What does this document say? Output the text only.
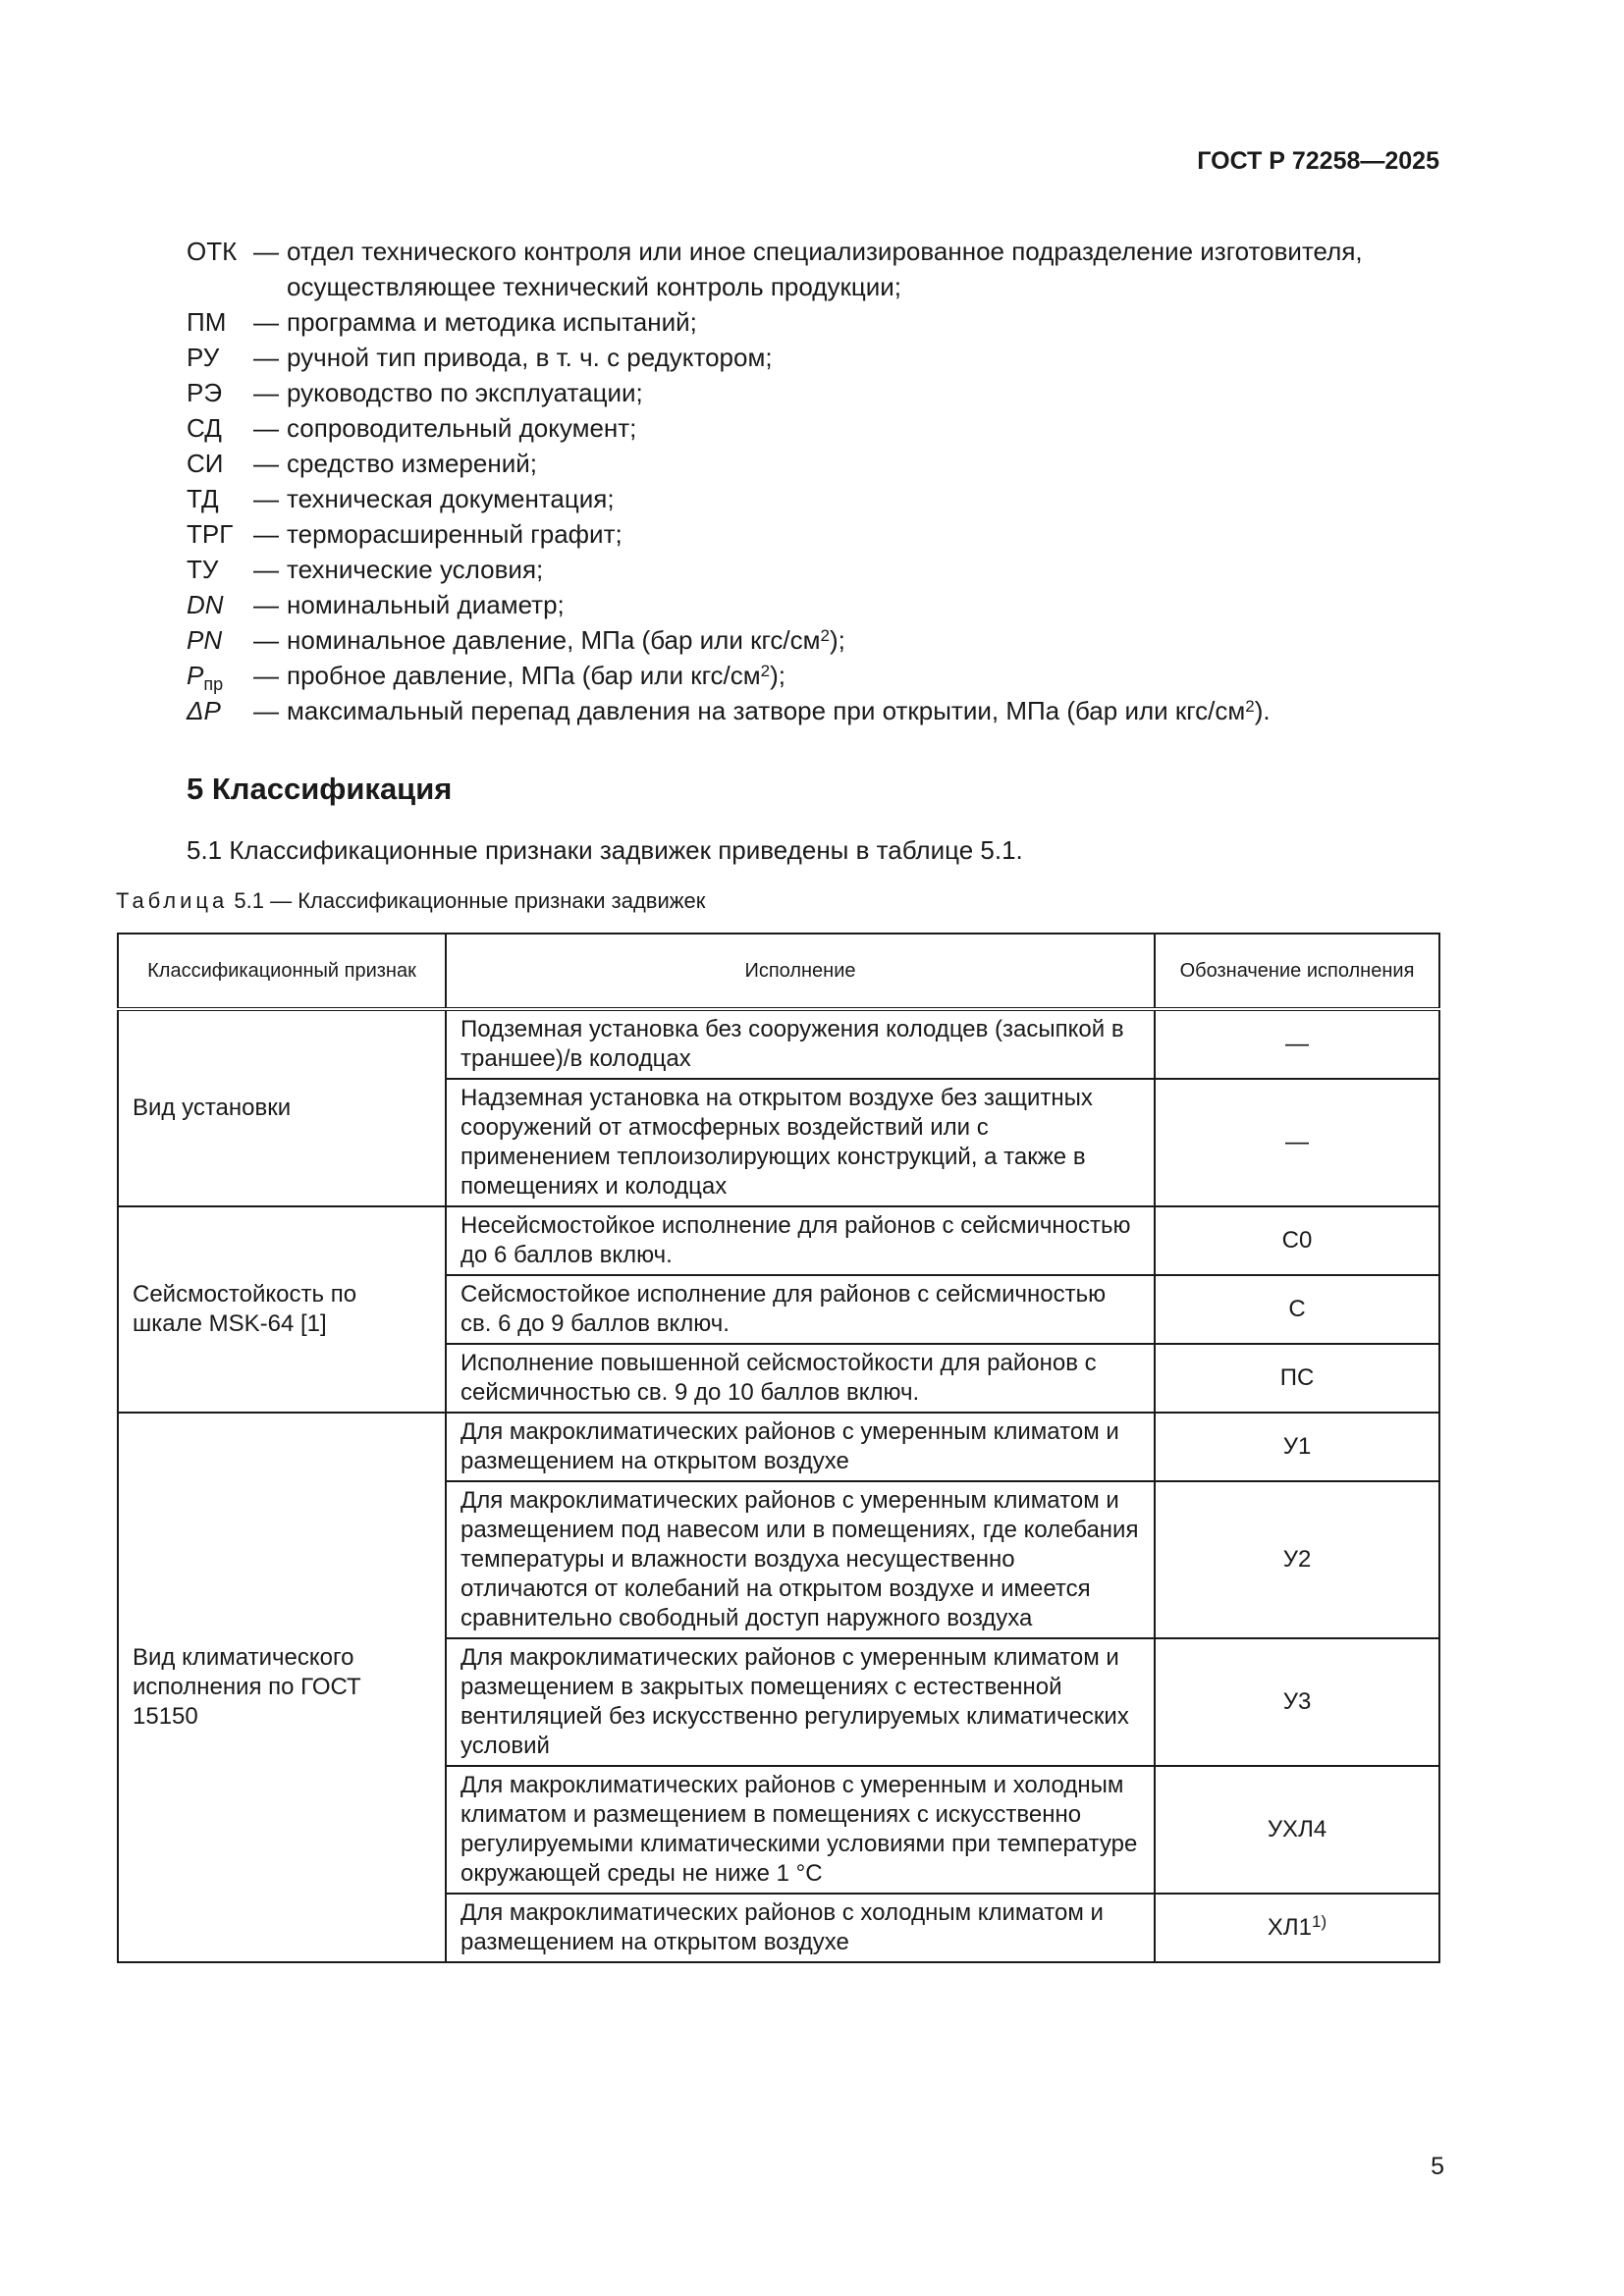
ГОСТ Р 72258—2025
ОТК — отдел технического контроля или иное специализированное подразделение изготовителя, осуществляющее технический контроль продукции;
ПМ	— программа и методика испытаний;
РУ	— ручной тип привода, в т. ч. с редуктором;
РЭ	— руководство по эксплуатации;
СД	— сопроводительный документ;
СИ	— средство измерений;
ТД	— техническая документация;
ТРГ — терморасширенный графит;
ТУ	— технические условия;
DN	— номинальный диаметр;
PN	— номинальное давление, МПа (бар или кгс/$см^2$);
$P_{пр}$	— пробное давление, МПа (бар или кгс/$см^2$);
ΔP	— максимальный перепад давления на затворе при открытии, МПа (бар или кгс/$см^2$).
5 Классификация
5.1 Классификационные признаки задвижек приведены в таблице 5.1.
Таблица 5.1 — Классификационные признаки задвижек
Классификационный признак	Исполнение	Обозначение исполнения
Вид установки	Подземная установка без сооружения колодцев (засыпкой в траншее)/в колодцах	—
	Надземная установка на открытом воздухе без защитных сооружений от атмосферных воздействий или с применением теплоизолирующих конструкций, а также в помещениях и колодцах	—
Сейсмостойкость по шкале MSK-64 [1]	Несейсмостойкое исполнение для районов с сейсмичностью до 6 баллов включ.	С0
	Сейсмостойкое исполнение для районов с сейсмичностью св. 6 до 9 баллов включ.	С
	Исполнение повышенной сейсмостойкости для районов с сейсмичностью св. 9 до 10 баллов включ.	ПС
Вид климатического исполнения по ГОСТ 15150	Для макроклиматических районов с умеренным климатом и размещением на открытом воздухе	У1
	Для макроклиматических районов с умеренным климатом и размещением под навесом или в помещениях, где колебания температуры и влажности воздуха несущественно отличаются от колебаний на открытом воздухе и имеется сравнительно свободный доступ наружного воздуха	У2
	Для макроклиматических районов с умеренным климатом и размещением в закрытых помещениях с естественной вентиляцией без искусственно регулируемых климатических условий	У3
	Для макроклиматических районов с умеренным и холодным климатом и размещением в помещениях с искусственно регулируемыми климатическими условиями при температуре окружающей среды не ниже 1 °С	УХЛ4
	Для макроклиматических районов с холодным климатом и размещением на открытом воздухе	ХЛ1$^{1)}$
5
